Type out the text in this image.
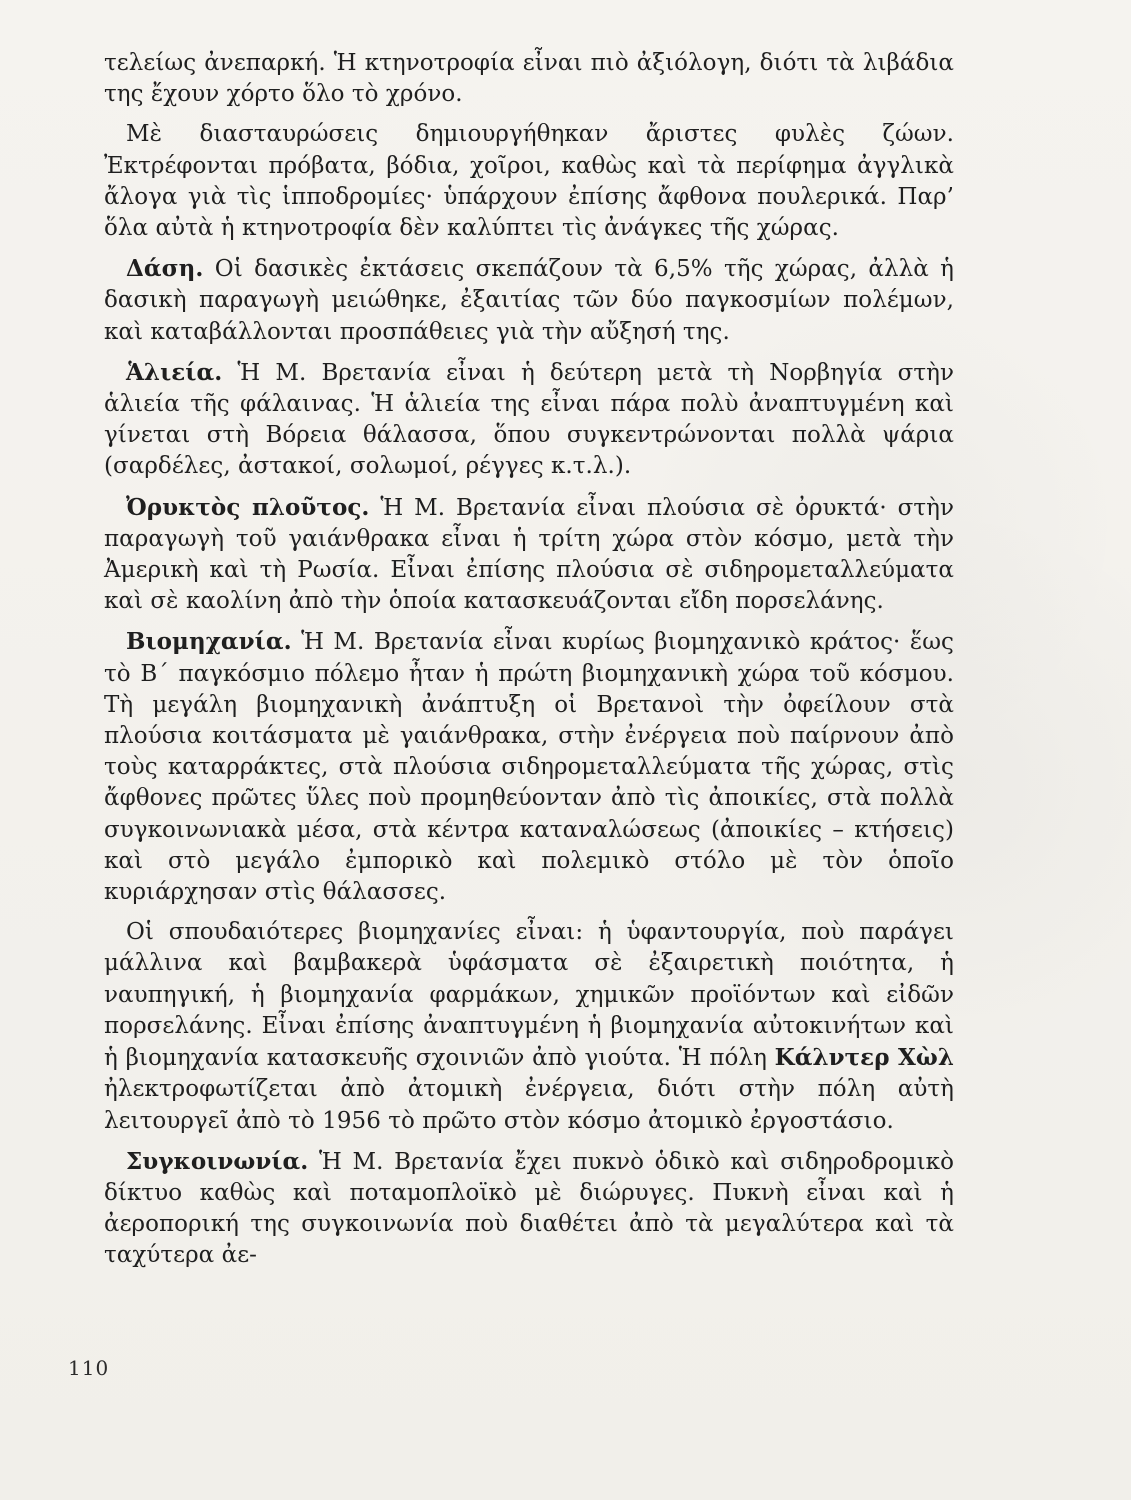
τελείως ἀνεπαρκή. Ἡ κτηνοτροφία εἶναι πιὸ ἀξιόλογη, διότι τὰ λιβάδια της ἔχουν χόρτο ὅλο τὸ χρόνο.

Μὲ διασταυρώσεις δημιουργήθηκαν ἄριστες φυλὲς ζώων. Ἐκτρέφονται πρόβατα, βόδια, χοῖροι, καθὼς καὶ τὰ περίφημα ἀγγλικὰ ἄλογα γιὰ τὶς ἱπποδρομίες· ὑπάρχουν ἐπίσης ἄφθονα πουλερικά. Παρ’ ὅλα αὐτὰ ἡ κτηνοτροφία δὲν καλύπτει τὶς ἀνάγκες τῆς χώρας.

Δάση. Οἱ δασικὲς ἐκτάσεις σκεπάζουν τὰ 6,5% τῆς χώρας, ἀλλὰ ἡ δασικὴ παραγωγὴ μειώθηκε, ἐξαιτίας τῶν δύο παγκοσμίων πολέμων, καὶ καταβάλλονται προσπάθειες γιὰ τὴν αὔξησή της.

Ἁλιεία. Ἡ Μ. Βρετανία εἶναι ἡ δεύτερη μετὰ τὴ Νορβηγία στὴν ἁλιεία τῆς φάλαινας. Ἡ ἁλιεία της εἶναι πάρα πολὺ ἀναπτυγμένη καὶ γίνεται στὴ Βόρεια θάλασσα, ὅπου συγκεντρώνονται πολλὰ ψάρια (σαρδέλες, ἀστακοί, σολωμοί, ρέγγες κ.τ.λ.).

Ὀρυκτὸς πλοῦτος. Ἡ Μ. Βρετανία εἶναι πλούσια σὲ ὀρυκτά· στὴν παραγωγὴ τοῦ γαιάνθρακα εἶναι ἡ τρίτη χώρα στὸν κόσμο, μετὰ τὴν Ἀμερικὴ καὶ τὴ Ρωσία. Εἶναι ἐπίσης πλούσια σὲ σιδηρομεταλλεύματα καὶ σὲ καολίνη ἀπὸ τὴν ὁποία κατασκευάζονται εἴδη πορσελάνης.

Βιομηχανία. Ἡ Μ. Βρετανία εἶναι κυρίως βιομηχανικὸ κράτος· ἕως τὸ Β΄ παγκόσμιο πόλεμο ἦταν ἡ πρώτη βιομηχανικὴ χώρα τοῦ κόσμου. Τὴ μεγάλη βιομηχανικὴ ἀνάπτυξη οἱ Βρετανοὶ τὴν ὀφείλουν στὰ πλούσια κοιτάσματα μὲ γαιάνθρακα, στὴν ἐνέργεια ποὺ παίρνουν ἀπὸ τοὺς καταρράκτες, στὰ πλούσια σιδηρομεταλλεύματα τῆς χώρας, στὶς ἄφθονες πρῶτες ὕλες ποὺ προμηθεύονταν ἀπὸ τὶς ἀποικίες, στὰ πολλὰ συγκοινωνιακὰ μέσα, στὰ κέντρα καταναλώσεως (ἀποικίες – κτήσεις) καὶ στὸ μεγάλο ἐμπορικὸ καὶ πολεμικὸ στόλο μὲ τὸν ὁποῖο κυριάρχησαν στὶς θάλασσες.

Οἱ σπουδαιότερες βιομηχανίες εἶναι: ἡ ὑφαντουργία, ποὺ παράγει μάλλινα καὶ βαμβακερὰ ὑφάσματα σὲ ἐξαιρετικὴ ποιότητα, ἡ ναυπηγική, ἡ βιομηχανία φαρμάκων, χημικῶν προϊόντων καὶ εἰδῶν πορσελάνης. Εἶναι ἐπίσης ἀναπτυγμένη ἡ βιομηχανία αὐτοκινήτων καὶ ἡ βιομηχανία κατασκευῆς σχοινιῶν ἀπὸ γιούτα. Ἡ πόλη Κάλντερ Χὼλ ἠλεκτροφωτίζεται ἀπὸ ἀτομικὴ ἐνέργεια, διότι στὴν πόλη αὐτὴ λειτουργεῖ ἀπὸ τὸ 1956 τὸ πρῶτο στὸν κόσμο ἀτομικὸ ἐργοστάσιο.

Συγκοινωνία. Ἡ Μ. Βρετανία ἔχει πυκνὸ ὁδικὸ καὶ σιδηροδρομικὸ δίκτυο καθὼς καὶ ποταμοπλοϊκὸ μὲ διώρυγες. Πυκνὴ εἶναι καὶ ἡ ἀεροπορική της συγκοινωνία ποὺ διαθέτει ἀπὸ τὰ μεγαλύτερα καὶ τὰ ταχύτερα ἀε-

110
